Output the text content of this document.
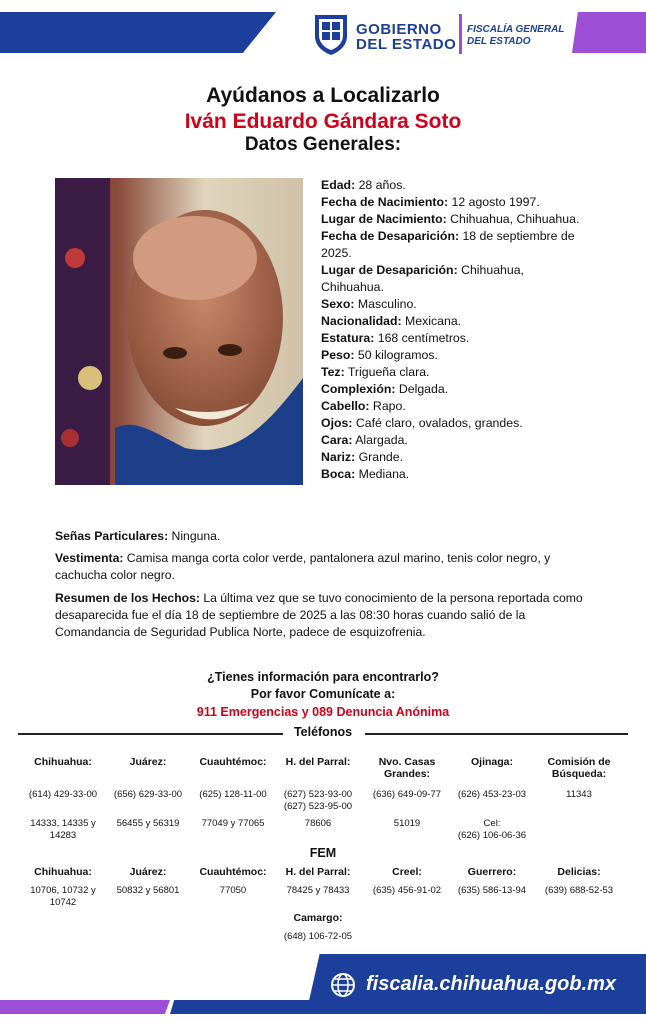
GOBIERNO
DEL ESTADO
FISCALÍA GENERAL
DEL ESTADO
Ayúdanos a Localizarlo
Iván Eduardo Gándara Soto
Datos Generales:
Edad: 28 años.
Fecha de Nacimiento: 12 agosto 1997.
Lugar de Nacimiento: Chihuahua, Chihuahua.
Fecha de Desaparición: 18 de septiembre de 2025.
Lugar de Desaparición: Chihuahua, Chihuahua.
Sexo: Masculino.
Nacionalidad: Mexicana.
Estatura: 168 centímetros.
Peso: 50 kilogramos.
Tez: Trigueña clara.
Complexión: Delgada.
Cabello: Rapo.
Ojos: Café claro, ovalados, grandes.
Cara: Alargada.
Nariz: Grande.
Boca: Mediana.
Señas Particulares: Ninguna.
Vestimenta: Camisa manga corta color verde, pantalonera azul marino, tenis color negro, y cachucha color negro.
Resumen de los Hechos: La última vez que se tuvo conocimiento de la persona reportada como desaparecida fue el día 18 de septiembre de 2025 a las 08:30 horas cuando salió de la Comandancia de Seguridad Publica Norte, padece de esquizofrenia.
¿Tienes información para encontrarlo?
Por favor Comunícate a:
911 Emergencias y 089 Denuncia Anónima
Teléfonos
Chihuahua:
(614) 429-33-00
14333, 14335 y 14283
Juárez:
(656) 629-33-00
56455 y 56319
Cuauhtémoc:
(625) 128-11-00
77049 y 77065
H. del Parral:
(627) 523-93-00
(627) 523-95-00
78606
Nvo. Casas Grandes:
(636) 649-09-77
51019
Ojinaga:
(626) 453-23-03
Cel:
(626) 106-06-36
Comisión de Búsqueda:
11343
FEM
Chihuahua:
10706, 10732 y 10742
Juárez:
50832 y 56801
Cuauhtémoc:
77050
H. del Parral:
78425 y 78433
Creel:
(635) 456-91-02
Guerrero:
(635) 586-13-94
Delicias:
(639) 688-52-53
Camargo:
(648) 106-72-05
fiscalia.chihuahua.gob.mx
